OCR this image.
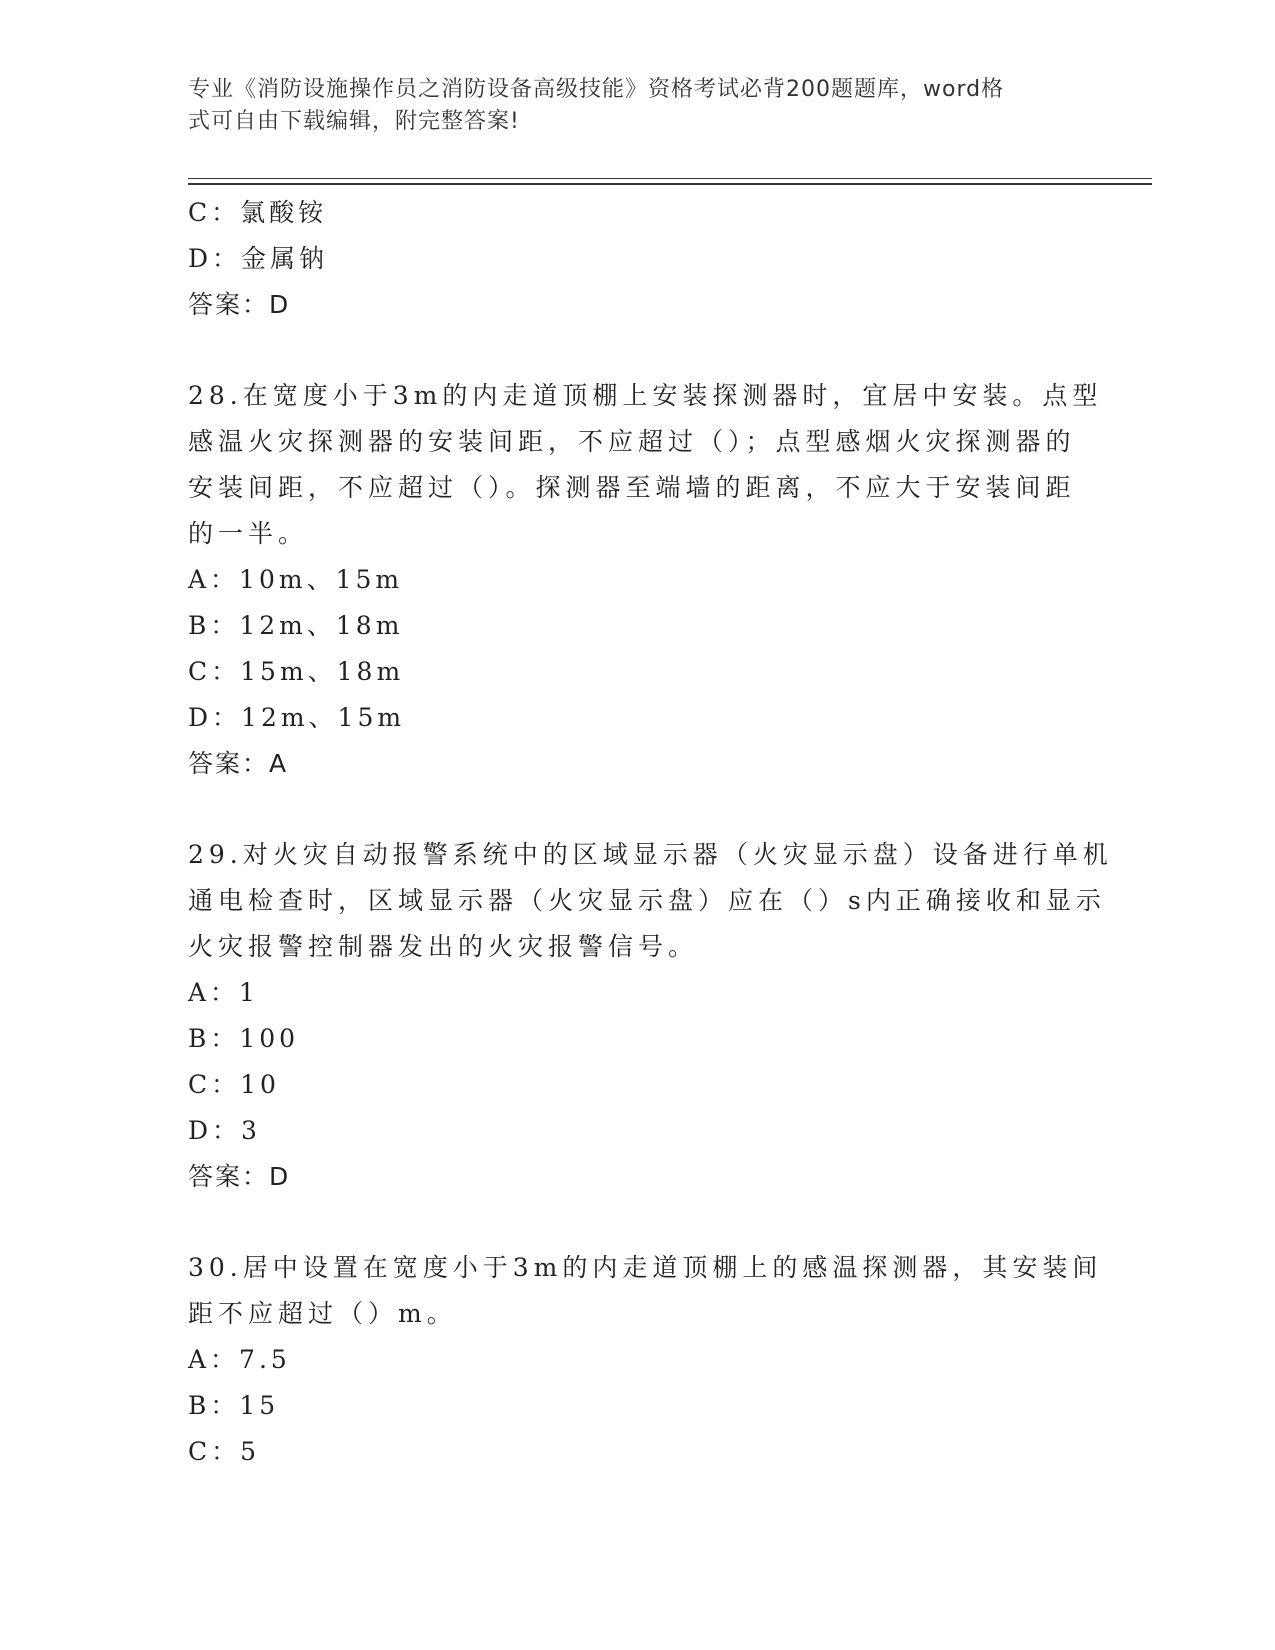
专业《消防设施操作员之消防设备高级技能》资格考试必背200题题库，word格
式可自由下载编辑，附完整答案!
C：氯酸铵
D：金属钠
答案：D
28.在宽度小于3m的内走道顶棚上安装探测器时，宜居中安装。点型
感温火灾探测器的安装间距，不应超过（）；点型感烟火灾探测器的
安装间距，不应超过（）。探测器至端墙的距离，不应大于安装间距
的一半。
A：10m、15m
B：12m、18m
C：15m、18m
D：12m、15m
答案：A
29.对火灾自动报警系统中的区域显示器（火灾显示盘）设备进行单机
通电检查时，区域显示器（火灾显示盘）应在（）s内正确接收和显示
火灾报警控制器发出的火灾报警信号。
A：1
B：100
C：10
D：3
答案：D
30.居中设置在宽度小于3m的内走道顶棚上的感温探测器，其安装间
距不应超过（）m。
A：7.5
B：15
C：5
